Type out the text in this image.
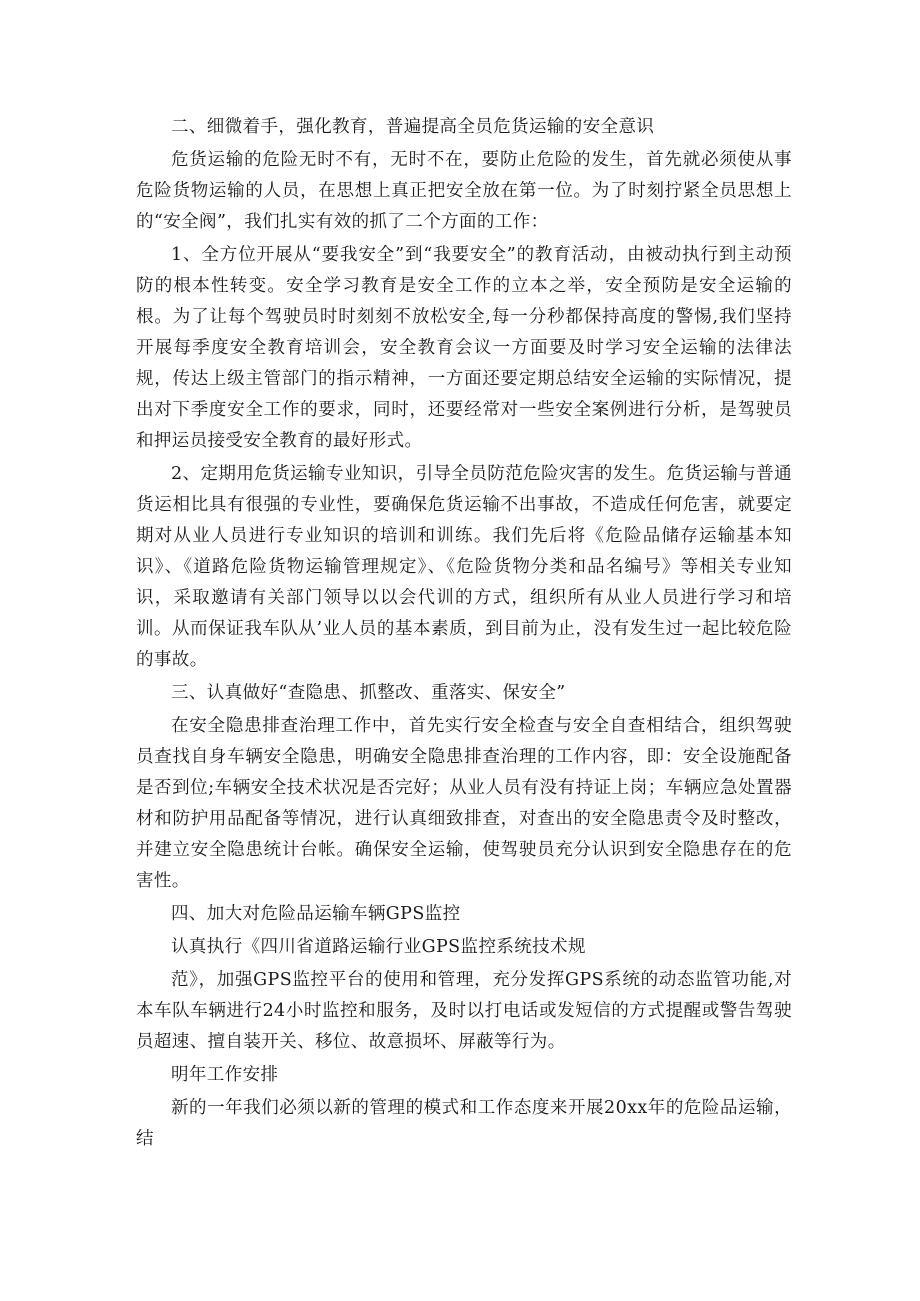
二、细微着手，强化教育，普遍提高全员危货运输的安全意识

危货运输的危险无时不有，无时不在，要防止危险的发生，首先就必须使从事危险货物运输的人员，在思想上真正把安全放在第一位。为了时刻拧紧全员思想上的“安全阀”，我们扎实有效的抓了二个方面的工作：

1、全方位开展从“要我安全”到“我要安全”的教育活动，由被动执行到主动预防的根本性转变。安全学习教育是安全工作的立本之举，安全预防是安全运输的根。为了让每个驾驶员时时刻刻不放松安全,每一分秒都保持高度的警惕,我们坚持开展每季度安全教育培训会，安全教育会议一方面要及时学习安全运输的法律法规，传达上级主管部门的指示精神，一方面还要定期总结安全运输的实际情况，提出对下季度安全工作的要求，同时，还要经常对一些安全案例进行分析，是驾驶员和押运员接受安全教育的最好形式。

2、定期用危货运输专业知识，引导全员防范危险灾害的发生。危货运输与普通货运相比具有很强的专业性，要确保危货运输不出事故，不造成任何危害，就要定期对从业人员进行专业知识的培训和训练。我们先后将《危险品储存运输基本知识》、《道路危险货物运输管理规定》、《危险货物分类和品名编号》等相关专业知识，采取邀请有关部门领导以以会代训的方式，组织所有从业人员进行学习和培训。从而保证我车队从’业人员的基本素质，到目前为止，没有发生过一起比较危险的事故。

三、认真做好“查隐患、抓整改、重落实、保安全”

在安全隐患排查治理工作中，首先实行安全检查与安全自查相结合，组织驾驶员查找自身车辆安全隐患，明确安全隐患排查治理的工作内容，即：安全设施配备是否到位;车辆安全技术状况是否完好；从业人员有没有持证上岗；车辆应急处置器材和防护用品配备等情况，进行认真细致排查，对查出的安全隐患责令及时整改，并建立安全隐患统计台帐。确保安全运输，使驾驶员充分认识到安全隐患存在的危害性。

四、加大对危险品运输车辆GPS监控

认真执行《四川省道路运输行业GPS监控系统技术规

范》，加强GPS监控平台的使用和管理，充分发挥GPS系统的动态监管功能,对本车队车辆进行24小时监控和服务，及时以打电话或发短信的方式提醒或警告驾驶员超速、擅自装开关、移位、故意损坏、屏蔽等行为。

明年工作安排

新的一年我们必须以新的管理的模式和工作态度来开展20xx年的危险品运输，结
